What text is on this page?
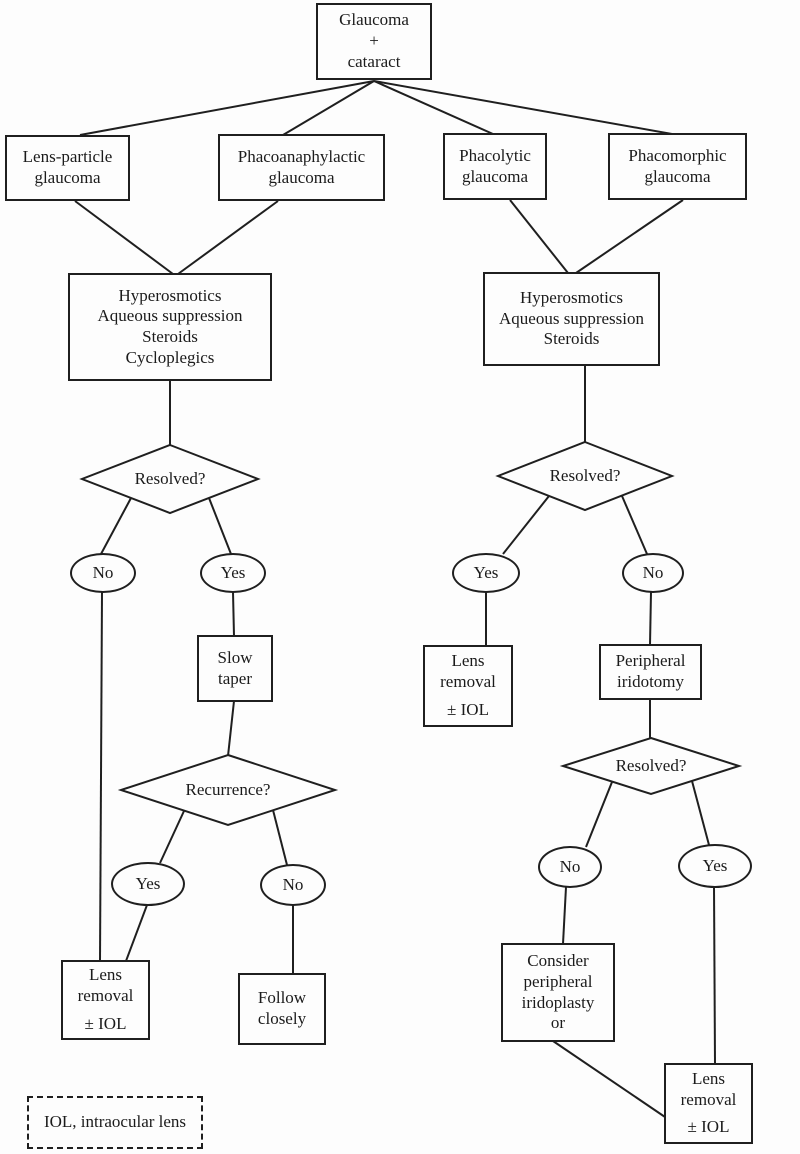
Glaucoma
+
cataract
Lens-particle
glaucoma
Phacoanaphylactic
glaucoma
Phacolytic
glaucoma
Phacomorphic
glaucoma
Hyperosmotics
Aqueous suppression
Steroids
Cycloplegics
Hyperosmotics
Aqueous suppression
Steroids
Resolved?
Recurrence?
Resolved?
Resolved?
No	Yes
Slow
taper
Yes	No
Lens
removal
± IOL
Follow
closely
Yes	No
Lens
removal
± IOL
Peripheral
iridotomy
No	Yes
Consider
peripheral
iridoplasty
or
Lens
removal
± IOL
IOL, intraocular lens
